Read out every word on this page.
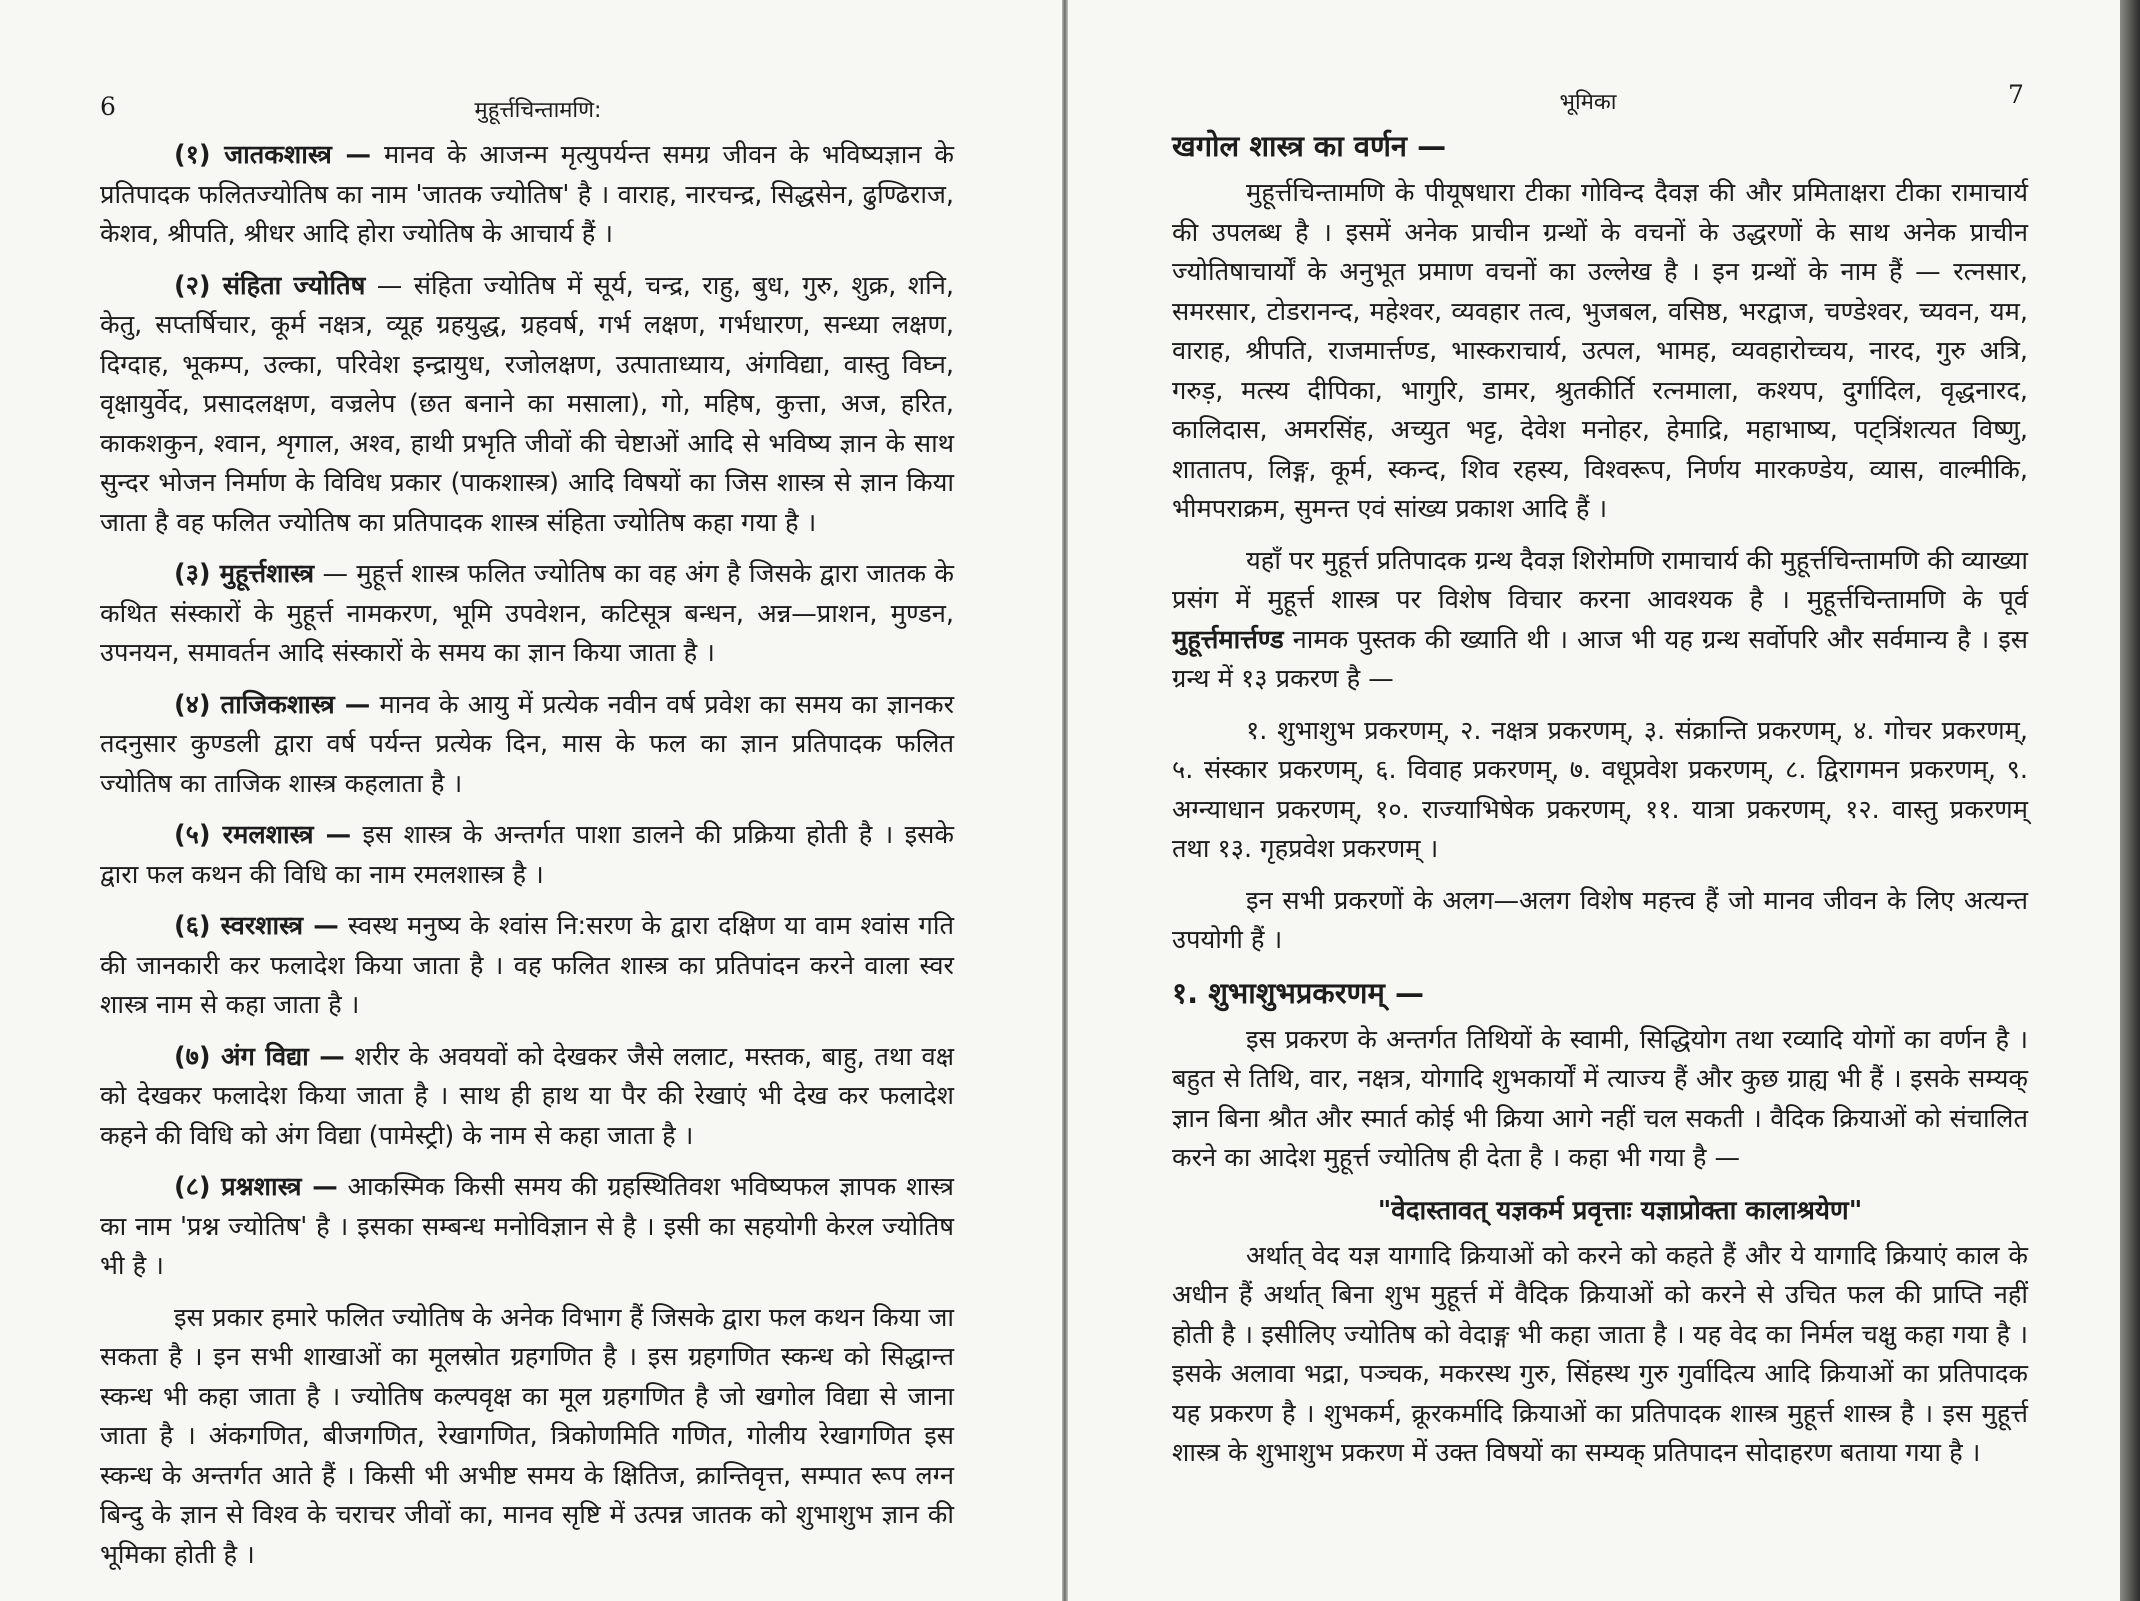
6	मुहूर्त्तचिन्तामणि:

(१) जातकशास्त्र — मानव के आजन्म मृत्युपर्यन्त समग्र जीवन के भविष्यज्ञान के प्रतिपादक फलितज्योतिष का नाम 'जातक ज्योतिष' है । वाराह, नारचन्द्र, सिद्धसेन, ढुण्ढिराज, केशव, श्रीपति, श्रीधर आदि होरा ज्योतिष के आचार्य हैं ।

(२) संहिता ज्योतिष — संहिता ज्योतिष में सूर्य, चन्द्र, राहु, बुध, गुरु, शुक्र, शनि, केतु, सप्तर्षिचार, कूर्म नक्षत्र, व्यूह ग्रहयुद्ध, ग्रहवर्ष, गर्भ लक्षण, गर्भधारण, सन्ध्या लक्षण, दिग्दाह, भूकम्प, उल्का, परिवेश इन्द्रायुध, रजोलक्षण, उत्पाताध्याय, अंगविद्या, वास्तु विघ्न, वृक्षायुर्वेद, प्रसादलक्षण, वज्रलेप (छत बनाने का मसाला), गो, महिष, कुत्ता, अज, हरित, काकशकुन, श्वान, शृगाल, अश्व, हाथी प्रभृति जीवों की चेष्टाओं आदि से भविष्य ज्ञान के साथ सुन्दर भोजन निर्माण के विविध प्रकार (पाकशास्त्र) आदि विषयों का जिस शास्त्र से ज्ञान किया जाता है वह फलित ज्योतिष का प्रतिपादक शास्त्र संहिता ज्योतिष कहा गया है ।

(३) मुहूर्त्तशास्त्र — मुहूर्त्त शास्त्र फलित ज्योतिष का वह अंग है जिसके द्वारा जातक के कथित संस्कारों के मुहूर्त्त नामकरण, भूमि उपवेशन, कटिसूत्र बन्धन, अन्न—प्राशन, मुण्डन, उपनयन, समावर्तन आदि संस्कारों के समय का ज्ञान किया जाता है ।

(४) ताजिकशास्त्र — मानव के आयु में प्रत्येक नवीन वर्ष प्रवेश का समय का ज्ञानकर तदनुसार कुण्डली द्वारा वर्ष पर्यन्त प्रत्येक दिन, मास के फल का ज्ञान प्रतिपादक फलित ज्योतिष का ताजिक शास्त्र कहलाता है ।

(५) रमलशास्त्र — इस शास्त्र के अन्तर्गत पाशा डालने की प्रक्रिया होती है । इसके द्वारा फल कथन की विधि का नाम रमलशास्त्र है ।

(६) स्वरशास्त्र — स्वस्थ मनुष्य के श्वांस नि:सरण के द्वारा दक्षिण या वाम श्वांस गति की जानकारी कर फलादेश किया जाता है । वह फलित शास्त्र का प्रतिपांदन करने वाला स्वर शास्त्र नाम से कहा जाता है ।

(७) अंग विद्या — शरीर के अवयवों को देखकर जैसे ललाट, मस्तक, बाहु, तथा वक्ष को देखकर फलादेश किया जाता है । साथ ही हाथ या पैर की रेखाएं भी देख कर फलादेश कहने की विधि को अंग विद्या (पामेस्ट्री) के नाम से कहा जाता है ।

(८) प्रश्नशास्त्र — आकस्मिक किसी समय की ग्रहस्थितिवश भविष्यफल ज्ञापक शास्त्र का नाम 'प्रश्न ज्योतिष' है । इसका सम्बन्ध मनोविज्ञान से है । इसी का सहयोगी केरल ज्योतिष भी है ।

इस प्रकार हमारे फलित ज्योतिष के अनेक विभाग हैं जिसके द्वारा फल कथन किया जा सकता है । इन सभी शाखाओं का मूलस्रोत ग्रहगणित है । इस ग्रहगणित स्कन्ध को सिद्धान्त स्कन्ध भी कहा जाता है । ज्योतिष कल्पवृक्ष का मूल ग्रहगणित है जो खगोल विद्या से जाना जाता है । अंकगणित, बीजगणित, रेखागणित, त्रिकोणमिति गणित, गोलीय रेखागणित इस स्कन्ध के अन्तर्गत आते हैं । किसी भी अभीष्ट समय के क्षितिज, क्रान्तिवृत्त, सम्पात रूप लग्न बिन्दु के ज्ञान से विश्व के चराचर जीवों का, मानव सृष्टि में उत्पन्न जातक को शुभाशुभ ज्ञान की भूमिका होती है ।

भूमिका	7
खगोल शास्त्र का वर्णन —

मुहूर्त्तचिन्तामणि के पीयूषधारा टीका गोविन्द दैवज्ञ की और प्रमिताक्षरा टीका रामाचार्य की उपलब्ध है । इसमें अनेक प्राचीन ग्रन्थों के वचनों के उद्धरणों के साथ अनेक प्राचीन ज्योतिषाचार्यों के अनुभूत प्रमाण वचनों का उल्लेख है । इन ग्रन्थों के नाम हैं — रत्नसार, समरसार, टोडरानन्द, महेश्वर, व्यवहार तत्व, भुजबल, वसिष्ठ, भरद्वाज, चण्डेश्वर, च्यवन, यम, वाराह, श्रीपति, राजमार्त्तण्ड, भास्कराचार्य, उत्पल, भामह, व्यवहारोच्चय, नारद, गुरु अत्रि, गरुड़, मत्स्य दीपिका, भागुरि, डामर, श्रुतकीर्ति रत्नमाला, कश्यप, दुर्गादिल, वृद्धनारद, कालिदास, अमरसिंह, अच्युत भट्ट, देवेश मनोहर, हेमाद्रि, महाभाष्य, पट्त्रिंशत्यत विष्णु, शातातप, लिङ्ग, कूर्म, स्कन्द, शिव रहस्य, विश्वरूप, निर्णय मारकण्डेय, व्यास, वाल्मीकि, भीमपराक्रम, सुमन्त एवं सांख्य प्रकाश आदि हैं ।

यहाँ पर मुहूर्त्त प्रतिपादक ग्रन्थ दैवज्ञ शिरोमणि रामाचार्य की मुहूर्त्तचिन्तामणि की व्याख्या प्रसंग में मुहूर्त्त शास्त्र पर विशेष विचार करना आवश्यक है । मुहूर्त्तचिन्तामणि के पूर्व मुहूर्त्तमार्त्तण्ड नामक पुस्तक की ख्याति थी । आज भी यह ग्रन्थ सर्वोपरि और सर्वमान्य है । इस ग्रन्थ में १३ प्रकरण है —

१. शुभाशुभ प्रकरणम्, २. नक्षत्र प्रकरणम्, ३. संक्रान्ति प्रकरणम्, ४. गोचर प्रकरणम्, ५. संस्कार प्रकरणम्, ६. विवाह प्रकरणम्, ७. वधूप्रवेश प्रकरणम्, ८. द्विरागमन प्रकरणम्, ९. अग्न्याधान प्रकरणम्, १०. राज्याभिषेक प्रकरणम्, ११. यात्रा प्रकरणम्, १२. वास्तु प्रकरणम् तथा १३. गृहप्रवेश प्रकरणम् ।

इन सभी प्रकरणों के अलग—अलग विशेष महत्त्व हैं जो मानव जीवन के लिए अत्यन्त उपयोगी हैं ।

१. शुभाशुभप्रकरणम् —

इस प्रकरण के अन्तर्गत तिथियों के स्वामी, सिद्धियोग तथा रव्यादि योगों का वर्णन है । बहुत से तिथि, वार, नक्षत्र, योगादि शुभकार्यों में त्याज्य हैं और कुछ ग्राह्य भी हैं । इसके सम्यक् ज्ञान बिना श्रौत और स्मार्त कोई भी क्रिया आगे नहीं चल सकती । वैदिक क्रियाओं को संचालित करने का आदेश मुहूर्त्त ज्योतिष ही देता है । कहा भी गया है —

"वेदास्तावत् यज्ञकर्म प्रवृत्ताः यज्ञाप्रोक्ता कालाश्रयेण"

अर्थात् वेद यज्ञ यागादि क्रियाओं को करने को कहते हैं और ये यागादि क्रियाएं काल के अधीन हैं अर्थात् बिना शुभ मुहूर्त्त में वैदिक क्रियाओं को करने से उचित फल की प्राप्ति नहीं होती है । इसीलिए ज्योतिष को वेदाङ्ग भी कहा जाता है । यह वेद का निर्मल चक्षु कहा गया है । इसके अलावा भद्रा, पञ्चक, मकरस्थ गुरु, सिंहस्थ गुरु गुर्वादित्य आदि क्रियाओं का प्रतिपादक यह प्रकरण है । शुभकर्म, क्रूरकर्मादि क्रियाओं का प्रतिपादक शास्त्र मुहूर्त्त शास्त्र है । इस मुहूर्त्त शास्त्र के शुभाशुभ प्रकरण में उक्त विषयों का सम्यक् प्रतिपादन सोदाहरण बताया गया है ।
